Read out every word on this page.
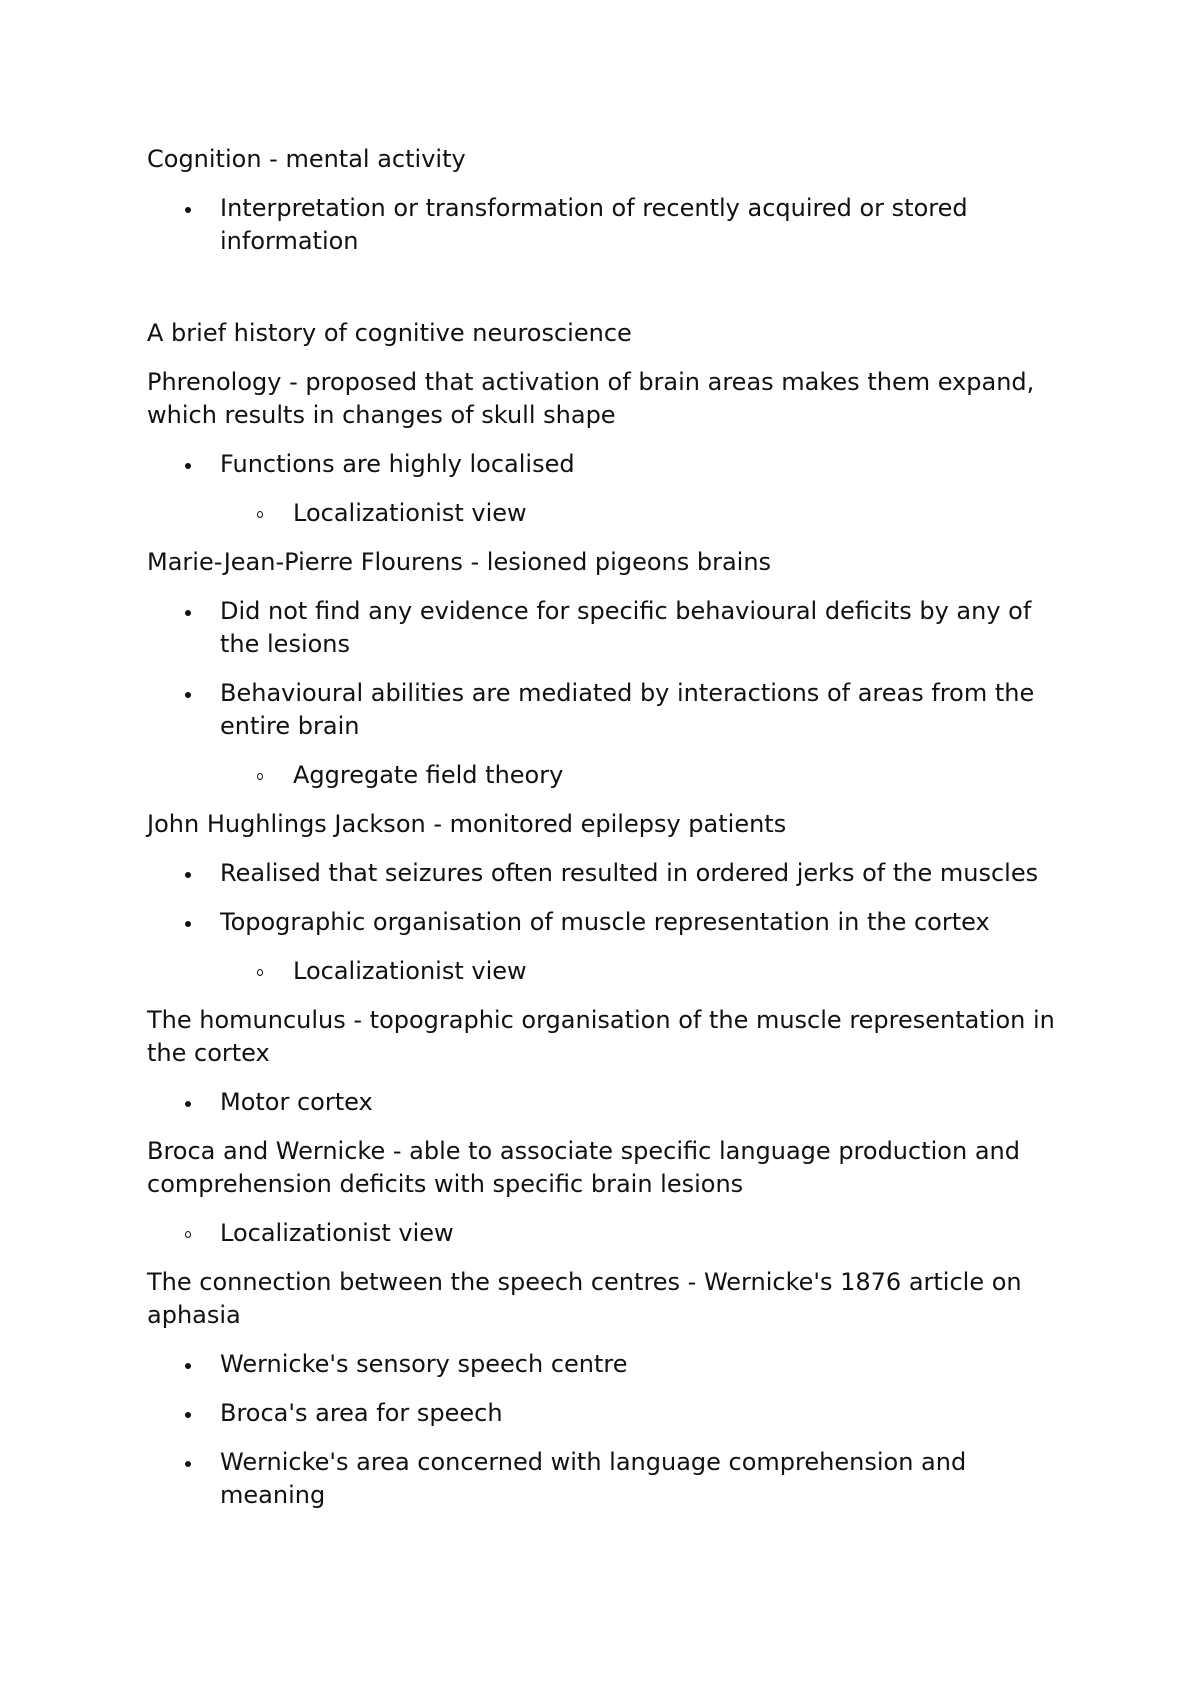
Cognition - mental activity
Interpretation or transformation of recently acquired or stored information
A brief history of cognitive neuroscience
Phrenology - proposed that activation of brain areas makes them expand, which results in changes of skull shape
Functions are highly localised
Localizationist view
Marie-Jean-Pierre Flourens - lesioned pigeons brains
Did not find any evidence for specific behavioural deficits by any of the lesions
Behavioural abilities are mediated by interactions of areas from the entire brain
Aggregate field theory
John Hughlings Jackson - monitored epilepsy patients
Realised that seizures often resulted in ordered jerks of the muscles
Topographic organisation of muscle representation in the cortex
Localizationist view
The homunculus - topographic organisation of the muscle representation in the cortex
Motor cortex
Broca and Wernicke - able to associate specific language production and comprehension deficits with specific brain lesions
Localizationist view
The connection between the speech centres - Wernicke's 1876 article on aphasia
Wernicke's sensory speech centre
Broca's area for speech
Wernicke's area concerned with language comprehension and meaning
